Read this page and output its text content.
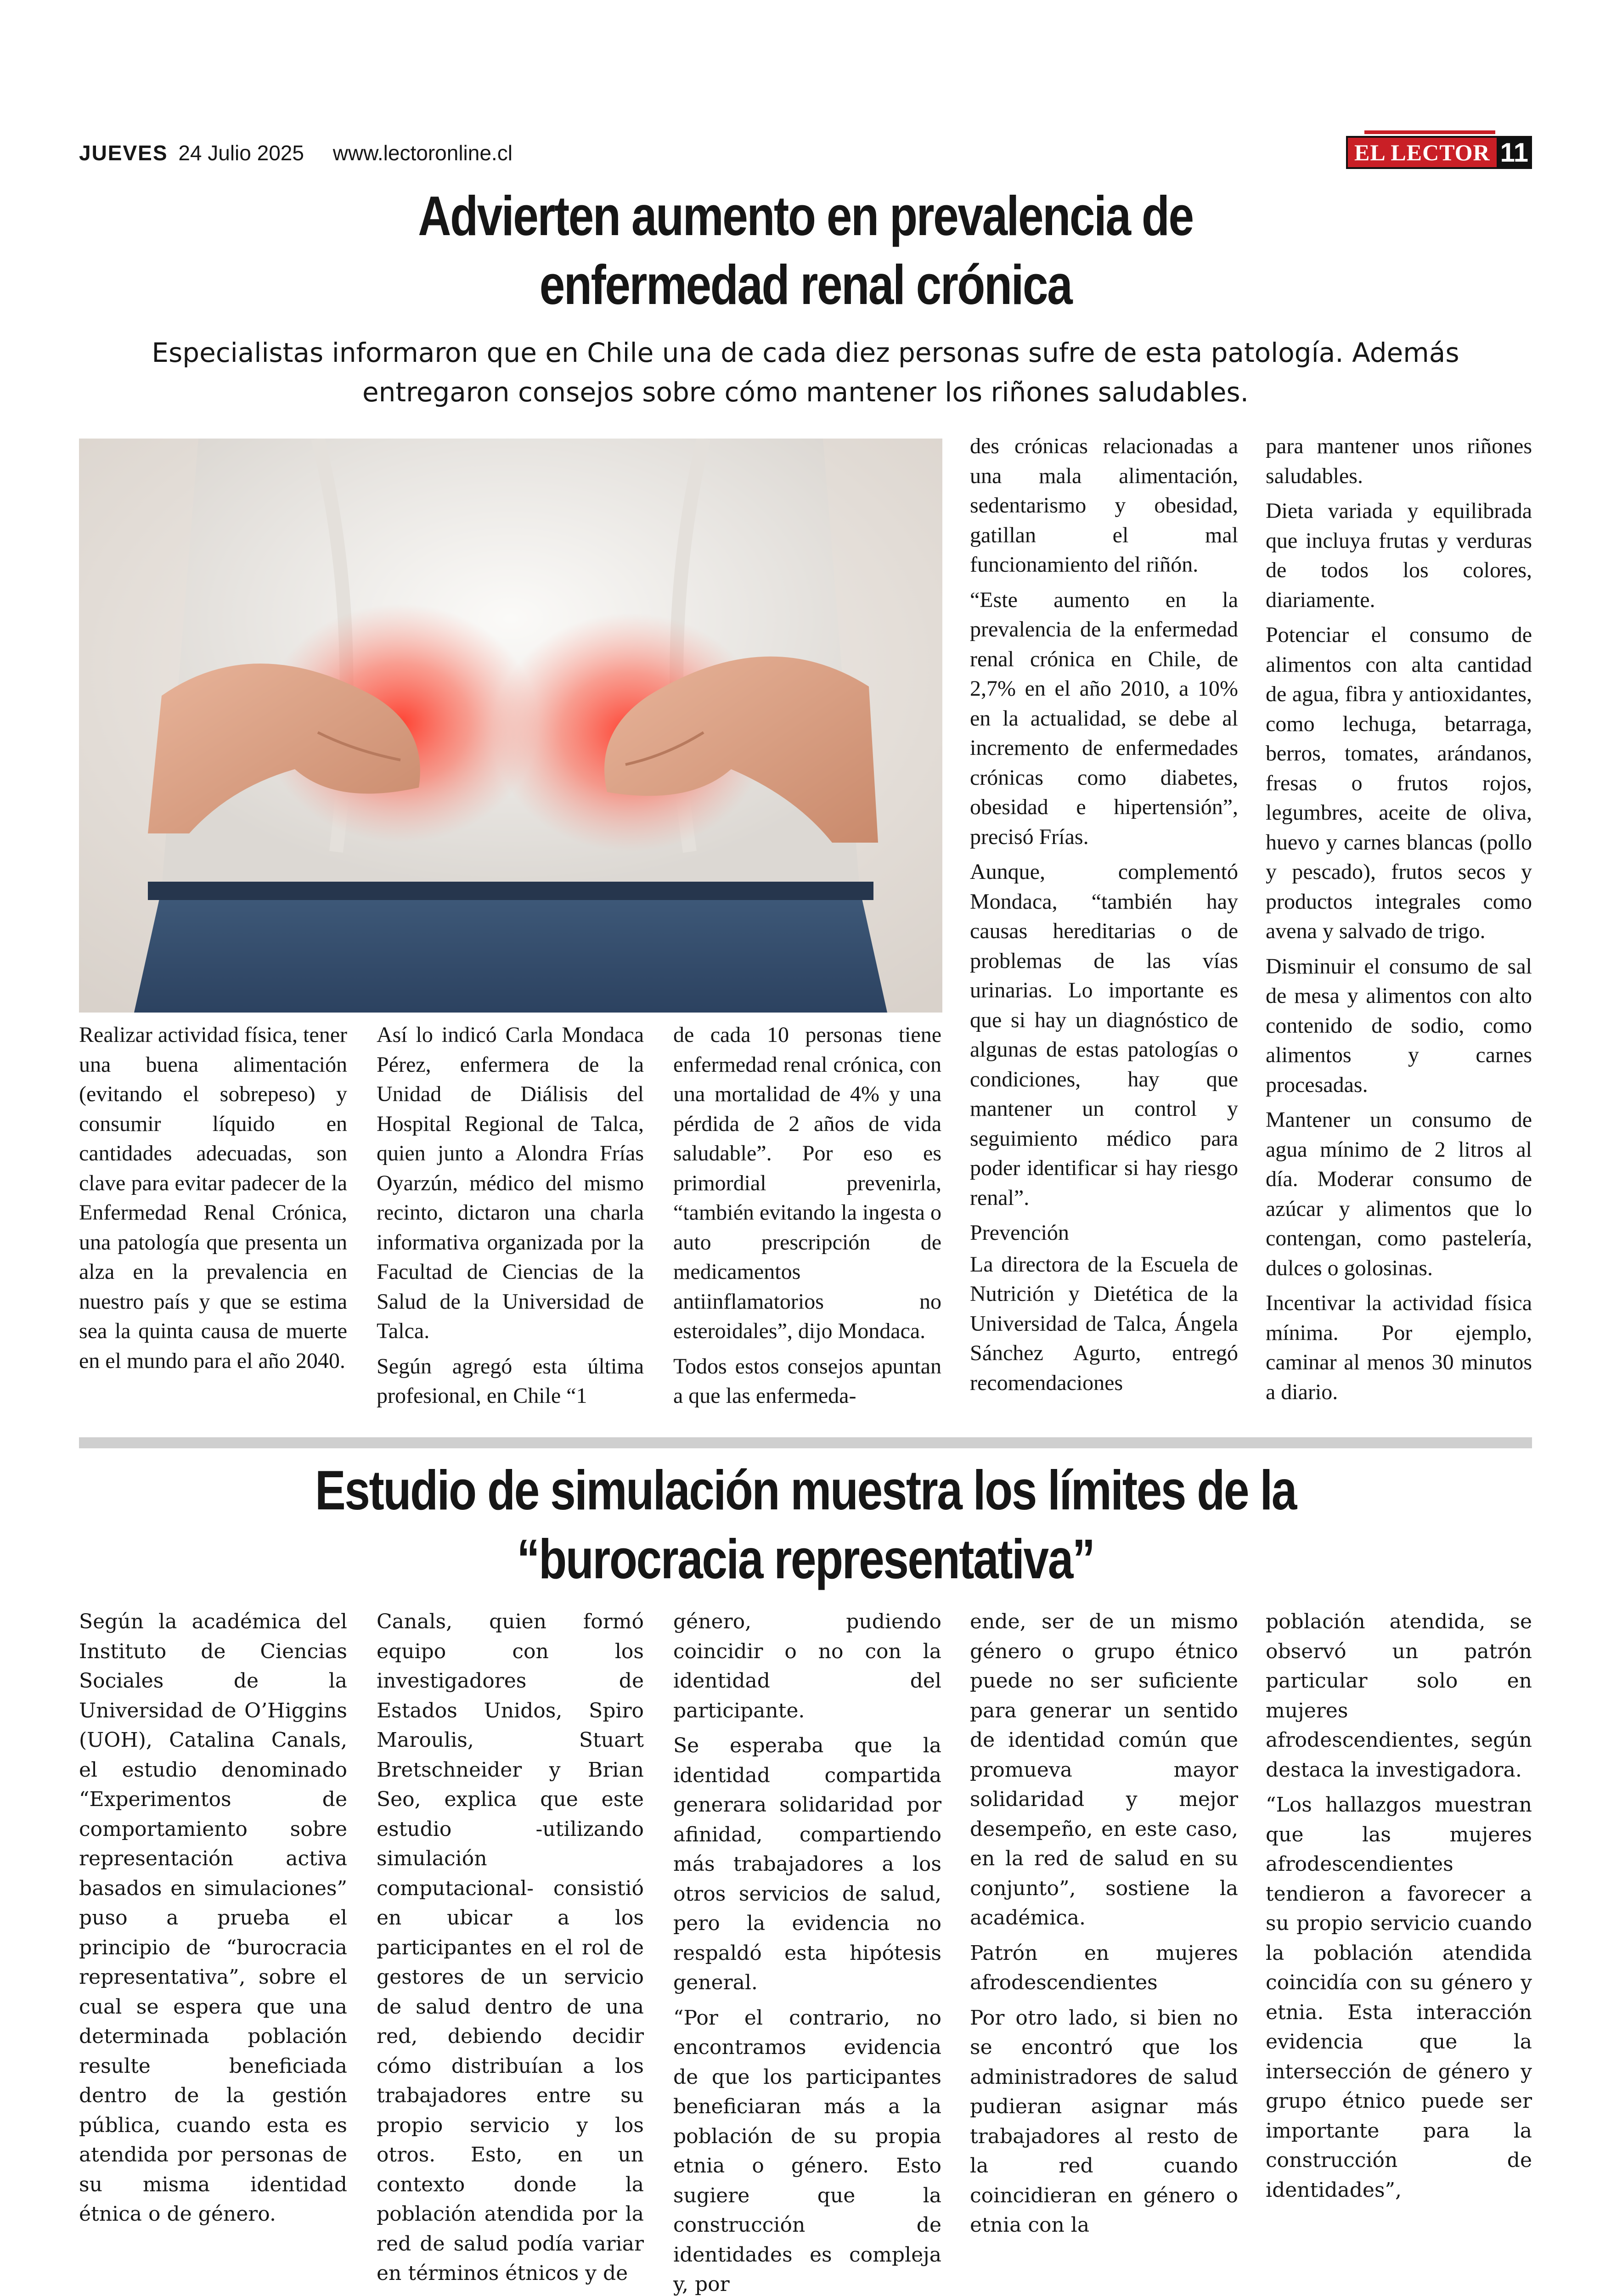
JUEVES 24 Julio 2025 www.lectoronline.cl	EL LECTOR 11
Advierten aumento en prevalencia de
enfermedad renal crónica
Especialistas informaron que en Chile una de cada diez personas sufre de esta patología. Además entregaron consejos sobre cómo mantener los riñones saludables.

Realizar actividad física, tener una buena alimentación (evitando el sobrepeso) y consumir líquido en cantidades adecuadas, son clave para evitar padecer de la Enfermedad Renal Crónica, una patología que presenta un alza en la prevalencia en nuestro país y que se estima sea la quinta causa de muerte en el mundo para el año 2040.

Así lo indicó Carla Mondaca Pérez, enfermera de la Unidad de Diálisis del Hospital Regional de Talca, quien junto a Alondra Frías Oyarzún, médico del mismo recinto, dictaron una charla informativa organizada por la Facultad de Ciencias de la Salud de la Universidad de Talca.

Según agregó esta última profesional, en Chile “1

de cada 10 personas tiene enfermedad renal crónica, con una mortalidad de 4% y una pérdida de 2 años de vida saludable”. Por eso es primordial prevenirla, “también evitando la ingesta o auto prescripción de medicamentos antiinflamatorios no esteroidales”, dijo Mondaca.

Todos estos consejos apuntan a que las enfermeda-

des crónicas relacionadas a una mala alimentación, sedentarismo y obesidad, gatillan el mal funcionamiento del riñón.

“Este aumento en la prevalencia de la enfermedad renal crónica en Chile, de 2,7% en el año 2010, a 10% en la actualidad, se debe al incremento de enfermedades crónicas como diabetes, obesidad e hipertensión”, precisó Frías.

Aunque, complementó Mondaca, “también hay causas hereditarias o de problemas de las vías urinarias. Lo importante es que si hay un diagnóstico de algunas de estas patologías o condiciones, hay que mantener un control y seguimiento médico para poder identificar si hay riesgo renal”.

Prevención

La directora de la Escuela de Nutrición y Dietética de la Universidad de Talca, Ángela Sánchez Agurto, entregó recomendaciones

para mantener unos riñones saludables.

Dieta variada y equilibrada que incluya frutas y verduras de todos los colores, diariamente.

Potenciar el consumo de alimentos con alta cantidad de agua, fibra y antioxidantes, como lechuga, betarraga, berros, tomates, arándanos, fresas o frutos rojos, legumbres, aceite de oliva, huevo y carnes blancas (pollo y pescado), frutos secos y productos integrales como avena y salvado de trigo.

Disminuir el consumo de sal de mesa y alimentos con alto contenido de sodio, como alimentos y carnes procesadas.

Mantener un consumo de agua mínimo de 2 litros al día. Moderar consumo de azúcar y alimentos que lo contengan, como pastelería, dulces o golosinas.

Incentivar la actividad física mínima. Por ejemplo, caminar al menos 30 minutos a diario.

Estudio de simulación muestra los límites de la
“burocracia representativa”

Según la académica del Instituto de Ciencias Sociales de la Universidad de O’Higgins (UOH), Catalina Canals, el estudio denominado “Experimentos de comportamiento sobre representación activa basados en simulaciones” puso a prueba el principio de “burocracia representativa”, sobre el cual se espera que una determinada población resulte beneficiada dentro de la gestión pública, cuando esta es atendida por personas de su misma identidad étnica o de género.

Canals, quien formó equipo con los investigadores de Estados Unidos, Spiro Maroulis, Stuart Bretschneider y Brian Seo, explica que este estudio -utilizando simulación computacional- consistió en ubicar a los participantes en el rol de gestores de un servicio de salud dentro de una red, debiendo decidir cómo distribuían a los trabajadores entre su propio servicio y los otros. Esto, en un contexto donde la población atendida por la red de salud podía variar en términos étnicos y de

género, pudiendo coincidir o no con la identidad del participante.

Se esperaba que la identidad compartida generara solidaridad por afinidad, compartiendo más trabajadores a los otros servicios de salud, pero la evidencia no respaldó esta hipótesis general.

“Por el contrario, no encontramos evidencia de que los participantes beneficiaran más a la población de su propia etnia o género. Esto sugiere que la construcción de identidades es compleja y, por

ende, ser de un mismo género o grupo étnico puede no ser suficiente para generar un sentido de identidad común que promueva mayor solidaridad y mejor desempeño, en este caso, en la red de salud en su conjunto”, sostiene la académica.

Patrón en mujeres afrodescendientes

Por otro lado, si bien no se encontró que los administradores de salud pudieran asignar más trabajadores al resto de la red cuando coincidieran en género o etnia con la

población atendida, se observó un patrón particular solo en mujeres afrodescendientes, según destaca la investigadora.

“Los hallazgos muestran que las mujeres afrodescendientes tendieron a favorecer a su propio servicio cuando la población atendida coincidía con su género y etnia. Esta interacción evidencia que la intersección de género y grupo étnico puede ser importante para la construcción de identidades”,
